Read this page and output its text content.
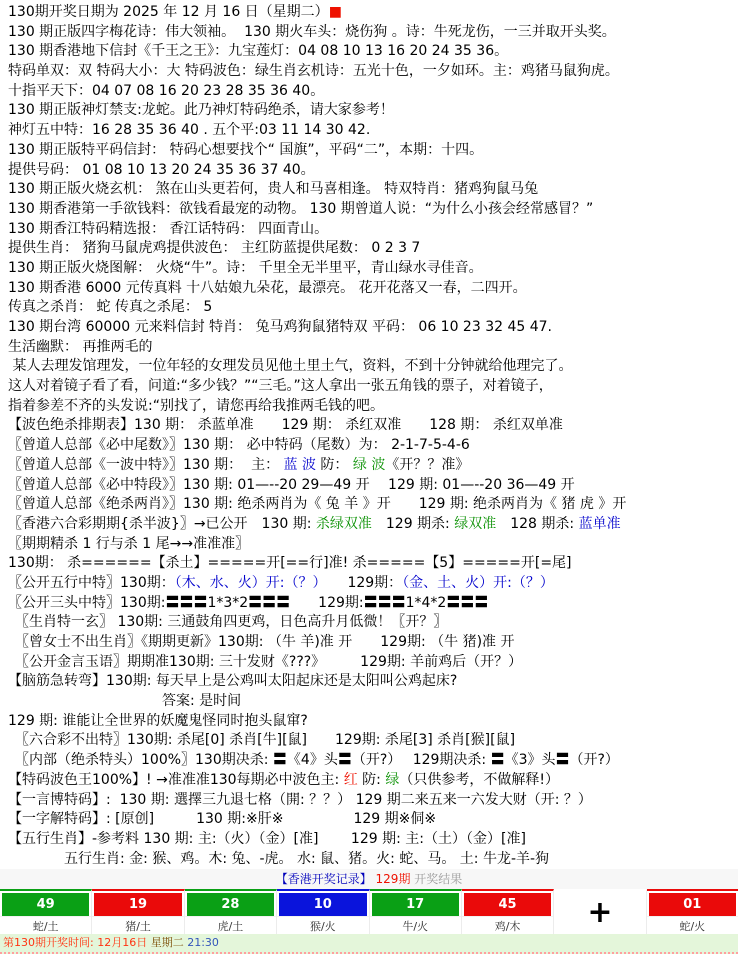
130期开奖日期为 2025 年 12 月 16 日（星期二）■
130 期正版四字梅花诗：伟大领袖。  130 期火车头：烧伤狗 。诗：牛死龙伤，一三并取开头奖。
130 期香港地下信封《千王之王》：九宝莲灯：04 08 10 13 16 20 24 35 36。
特码单双：双 特码大小：大 特码波色：绿生肖玄机诗：五光十色，一夕如环。主：鸡猪马鼠狗虎。
十指平天下：04 07 08 16 20 23 28 35 36 40。
130 期正版神灯禁支:龙蛇。此乃神灯特码绝杀，请大家参考！
神灯五中特：16 28 35 36 40 . 五个平:03 11 14 30 42.
130 期正版特平码信封： 特码心想要找个“ 国旗”，平码“二”，本期：十四。
提供号码： 01 08 10 13 20 24 35 36 37 40。
130 期正版火烧玄机： 煞在山头更若何，贵人和马喜相逢。 特双特肖：猪鸡狗鼠马兔
130 期香港第一手欲钱料：欲钱看最宠的动物。 130 期曾道人说：“为什么小孩会经常感冒？”
130 期香江特码精选报： 香江话特码： 四面青山。
提供生肖： 猪狗马鼠虎鸡提供波色： 主红防蓝提供尾数： 0 2 3 7
130 期正版火烧图解： 火烧“牛”。诗： 千里全无半里平，青山绿水寻佳音。
130 期香港 6000 元传真料 十八姑娘九朵花，最漂亮。 花开花落又一春，二四开。
传真之杀肖： 蛇 传真之杀尾： 5
130 期台湾 60000 元来料信封 特肖： 兔马鸡狗鼠猪特双 平码： 06 10 23 32 45 47.
生活幽默： 再推两毛的
某人去理发馆理发，一位年轻的女理发员见他土里土气，资料，不到十分钟就给他理完了。
这人对着镜子看了看，问道:“多少钱？”“三毛。”这人拿出一张五角钱的票子，对着镜子，
指着参差不齐的头发说:“别找了，请您再给我推两毛钱的吧。
【波色绝杀排期表】130 期： 杀蓝单准　　129 期： 杀红双准　　128 期： 杀红双单准
〖曾道人总部《必中尾数》〗130 期： 必中特码（尾数）为： 2-1-7-5-4-6
〖曾道人总部《一波中特》〗130 期：  主： 蓝 波 防： 绿 波《开？？准》
〖曾道人总部《必中特段》〗130 期: 01—--20 29—49 开　 129 期: 01—--20 36—49 开
〖曾道人总部《绝杀两肖》〗130 期: 绝杀两肖为《 兔 羊 》开　　129 期: 绝杀两肖为《 猪 虎 》开
〖香港六合彩期期{杀半波}〗→已公开　130 期: 杀绿双准　129 期杀: 绿双准　128 期杀: 蓝单准
〖期期精杀 1 行与杀 1 尾→→准准准〗
130期： 杀======【杀土】=====开[==行]准! 杀=====【5】=====开[=尾]
〖公开五行中特〗130期：（木、水、火）开:（？）　　129期：（金、土、火）开:（？）
〖公开三头中特〗130期:〓〓〓1*3*2〓〓〓　　129期:〓〓〓1*4*2〓〓〓
　〖生肖特一玄〗 130期: 三通鼓角四更鸡，日色高升月低微！〖开？〗
　〖曾女士不出生肖〗《期期更新》130期: （牛 羊)准 开　　129期: （牛 猪)准 开
　〖公开金言玉语〗期期准130期: 三十发财《???》　　　129期: 羊前鸡后（开？）
【脑筋急转弯】130期: 每天早上是公鸡叫太阳起床还是太阳叫公鸡起床?
　　　　　　　　　　　答案: 是时间
129 期: 谁能让全世界的妖魔鬼怪同时抱头鼠窜?
　〖六合彩不出特〗130期: 杀尾[0] 杀肖[牛][鼠]　　129期: 杀尾[3] 杀肖[猴][鼠]
　〖内部（绝杀特头）100%〗130期决杀: 〓《4》头〓（开?）　 129期决杀: 〓《3》头〓（开?）
【特码波色王100%】! →准准准130每期必中波色主: 红 防: 绿（只供参考，不做解释!）
【一言博特码】:  130 期: 選擇三九退七格（開: ？？） 129 期二来五来一六发大财（开: ？）
【一字解特码】: [原创]　　　130 期:※肝※　　　　　129 期※侗※
【五行生肖】-参考料 130 期: 主:（火）（金）[准]　　 129 期: 主:（土）（金）[准]
　　　　五行生肖: 金: 猴、鸡。木: 兔、-虎。 水: 鼠、猪。火: 蛇、马。 土: 牛龙-羊-狗
【香港开奖记录】 129期 开奖结果

49
蛇/土
19
猪/土
28
虎/土
10
猴/火
17
牛/火
45
鸡/木	+	01
蛇/火
第130期开奖时间: 12月16日 星期二 21:30
